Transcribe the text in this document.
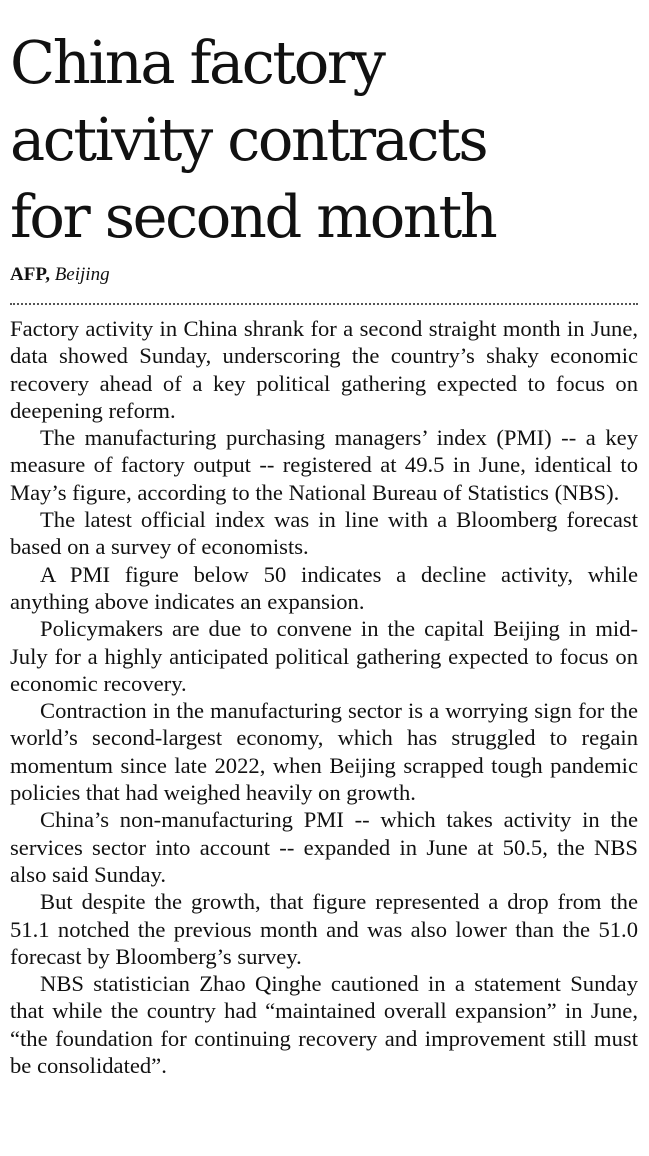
China factory
activity contracts
for second month
AFP, Beijing

Factory activity in China shrank for a second straight month in June, data showed Sunday, underscoring the country’s shaky economic recovery ahead of a key political gathering expected to focus on deepening reform.

The manufacturing purchasing managers’ index (PMI) -- a key measure of factory output -- registered at 49.5 in June, identical to May’s figure, according to the National Bureau of Statistics (NBS).

The latest official index was in line with a Bloomberg forecast based on a survey of economists.

A PMI figure below 50 indicates a decline activity, while anything above indicates an expansion.

Policymakers are due to convene in the capital Beijing in mid-July for a highly anticipated political gathering expected to focus on economic recovery.

Contraction in the manufacturing sector is a worrying sign for the world’s second-largest economy, which has struggled to regain momentum since late 2022, when Beijing scrapped tough pandemic policies that had weighed heavily on growth.

China’s non-manufacturing PMI -- which takes activity in the services sector into account -- expanded in June at 50.5, the NBS also said Sunday.

But despite the growth, that figure represented a drop from the 51.1 notched the previous month and was also lower than the 51.0 forecast by Bloomberg’s survey.

NBS statistician Zhao Qinghe cautioned in a statement Sunday that while the country had “maintained overall expansion” in June, “the foundation for continuing recovery and improvement still must be consolidated”.
